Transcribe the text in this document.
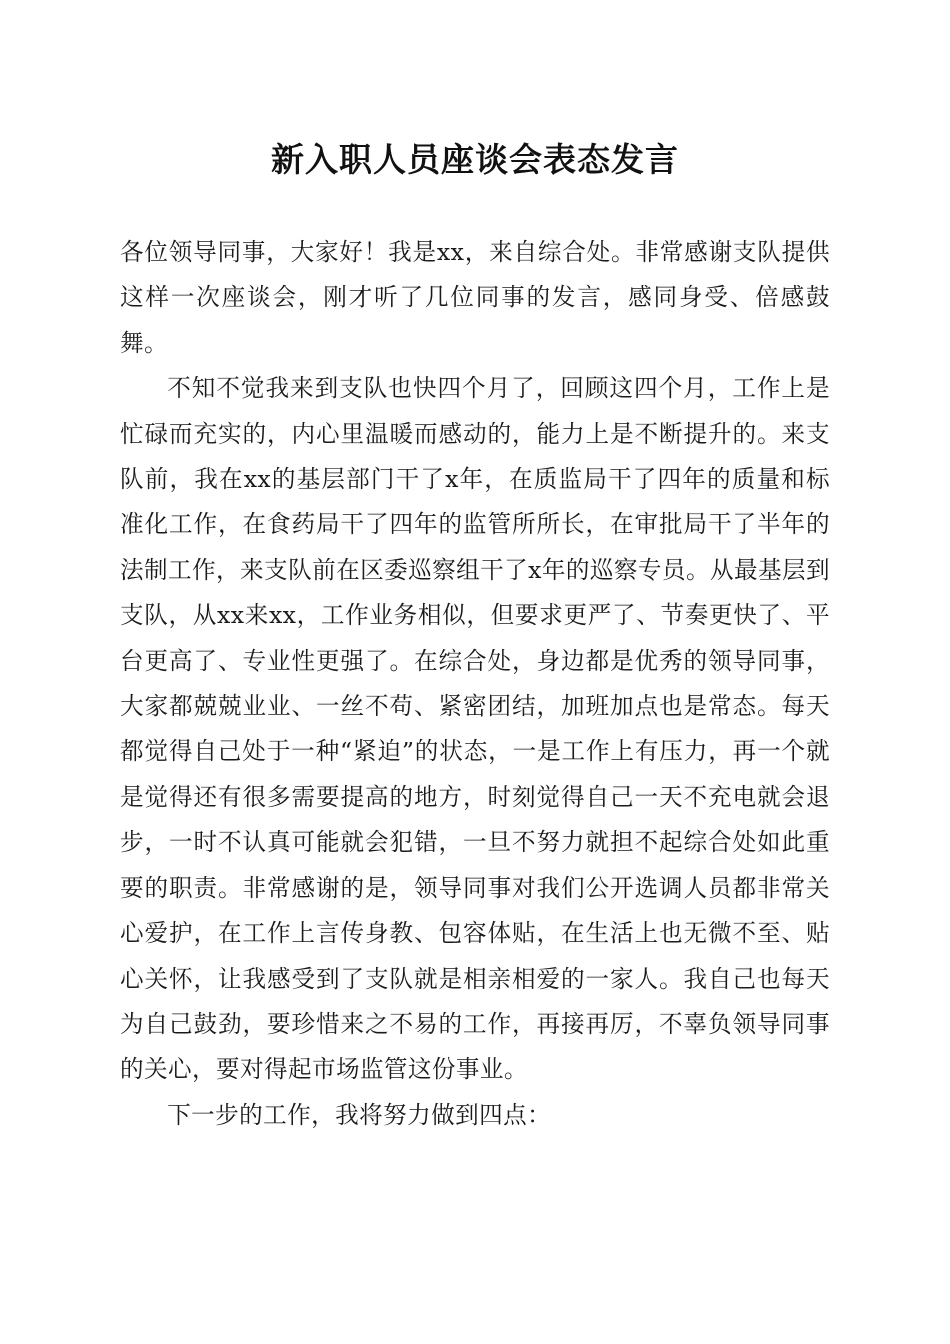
新入职人员座谈会表态发言

各位领导同事，大家好！我是xx，来自综合处。非常感谢支队提供这样一次座谈会，刚才听了几位同事的发言，感同身受、倍感鼓舞。

不知不觉我来到支队也快四个月了，回顾这四个月，工作上是忙碌而充实的，内心里温暖而感动的，能力上是不断提升的。来支队前，我在xx的基层部门干了x年，在质监局干了四年的质量和标准化工作，在食药局干了四年的监管所所长，在审批局干了半年的法制工作，来支队前在区委巡察组干了x年的巡察专员。从最基层到支队，从xx来xx，工作业务相似，但要求更严了、节奏更快了、平台更高了、专业性更强了。在综合处，身边都是优秀的领导同事，大家都兢兢业业、一丝不苟、紧密团结，加班加点也是常态。每天都觉得自己处于一种“紧迫”的状态，一是工作上有压力，再一个就是觉得还有很多需要提高的地方，时刻觉得自己一天不充电就会退步，一时不认真可能就会犯错，一旦不努力就担不起综合处如此重要的职责。非常感谢的是，领导同事对我们公开选调人员都非常关心爱护，在工作上言传身教、包容体贴，在生活上也无微不至、贴心关怀，让我感受到了支队就是相亲相爱的一家人。我自己也每天为自己鼓劲，要珍惜来之不易的工作，再接再厉，不辜负领导同事的关心，要对得起市场监管这份事业。

下一步的工作，我将努力做到四点：
